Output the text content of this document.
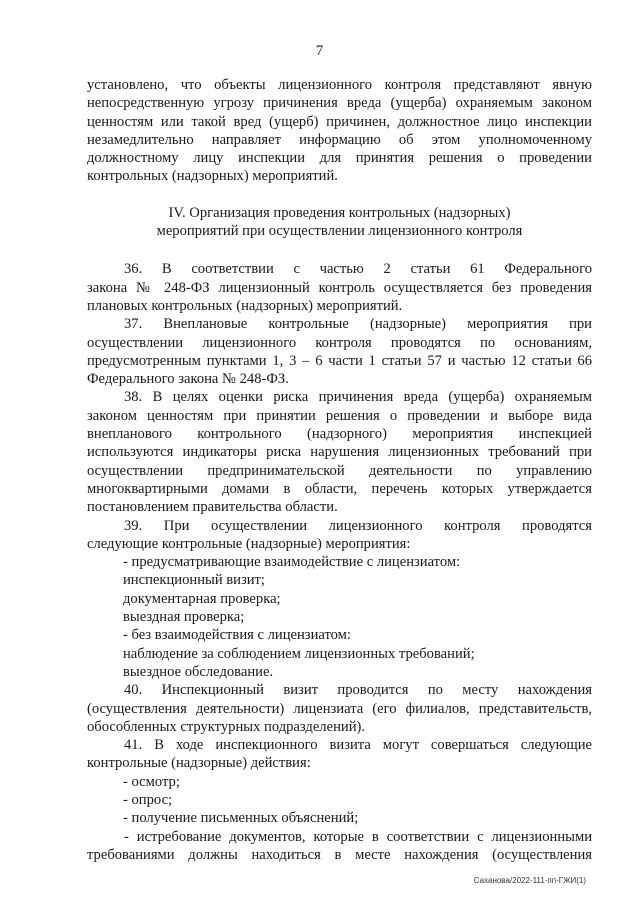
7

установлено, что объекты лицензионного контроля представляют явную

непосредственную угрозу причинения вреда (ущерба) охраняемым законом

ценностям или такой вред (ущерб) причинен, должностное лицо инспекции

незамедлительно направляет информацию об этом уполномоченному

должностному лицу инспекции для принятия решения о проведении

контрольных (надзорных) мероприятий.

IV. Организация проведения контрольных (надзорных)

мероприятий при осуществлении лицензионного контроля

36. В соответствии с частью 2 статьи 61 Федерального

закона № 248-ФЗ лицензионный контроль осуществляется без проведения

плановых контрольных (надзорных) мероприятий.

37. Внеплановые контрольные (надзорные) мероприятия при

осуществлении лицензионного контроля проводятся по основаниям,

предусмотренным пунктами 1, 3 – 6 части 1 статьи 57 и частью 12 статьи 66

Федерального закона № 248-ФЗ.

38. В целях оценки риска причинения вреда (ущерба) охраняемым

законом ценностям при принятии решения о проведении и выборе вида

внепланового контрольного (надзорного) мероприятия инспекцией

используются индикаторы риска нарушения лицензионных требований при

осуществлении предпринимательской деятельности по управлению

многоквартирными домами в области, перечень которых утверждается

постановлением правительства области.

39. При осуществлении лицензионного контроля проводятся

следующие контрольные (надзорные) мероприятия:

- предусматривающие взаимодействие с лицензиатом:

инспекционный визит;

документарная проверка;

выездная проверка;

- без взаимодействия с лицензиатом:

наблюдение за соблюдением лицензионных требований;

выездное обследование.

40. Инспекционный визит проводится по месту нахождения

(осуществления деятельности) лицензиата (его филиалов, представительств,

обособленных структурных подразделений).

41. В ходе инспекционного визита могут совершаться следующие

контрольные (надзорные) действия:

- осмотр;

- опрос;

- получение письменных объяснений;

- истребование документов, которые в соответствии с лицензионными

требованиями должны находиться в месте нахождения (осуществления

Саханова/2022-111-пп-ГЖИ(1)
